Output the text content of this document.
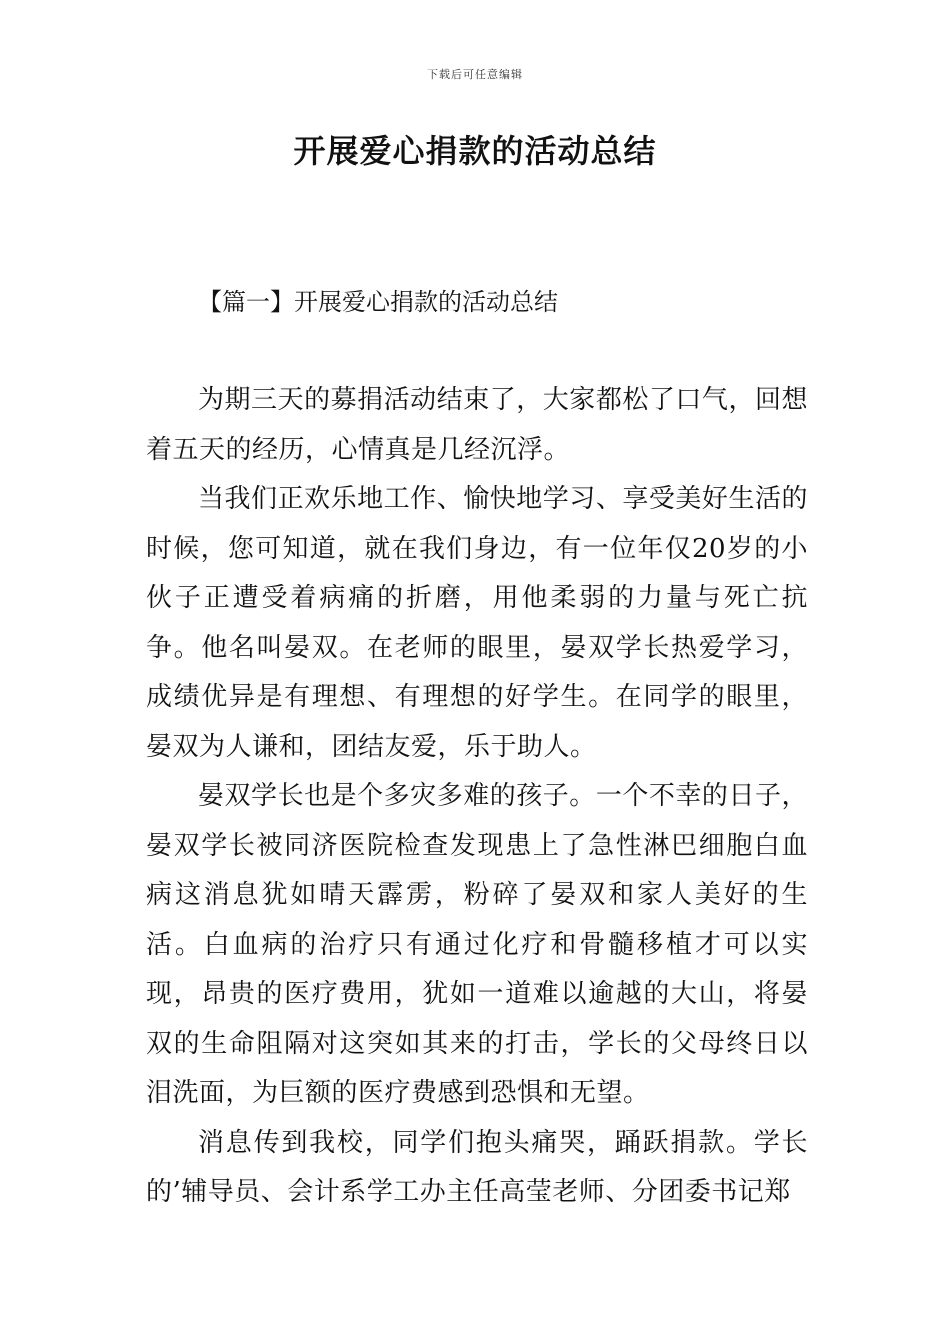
下载后可任意编辑
开展爱心捐款的活动总结
【篇一】开展爱心捐款的活动总结

为期三天的募捐活动结束了，大家都松了口气，回想着五天的经历，心情真是几经沉浮。

当我们正欢乐地工作、愉快地学习、享受美好生活的时候，您可知道，就在我们身边，有一位年仅20岁的小伙子正遭受着病痛的折磨，用他柔弱的力量与死亡抗争。他名叫晏双。在老师的眼里，晏双学长热爱学习，成绩优异是有理想、有理想的好学生。在同学的眼里，晏双为人谦和，团结友爱，乐于助人。

晏双学长也是个多灾多难的孩子。一个不幸的日子，晏双学长被同济医院检查发现患上了急性淋巴细胞白血病这消息犹如晴天霹雳，粉碎了晏双和家人美好的生活。白血病的治疗只有通过化疗和骨髓移植才可以实现，昂贵的医疗费用，犹如一道难以逾越的大山，将晏双的生命阻隔对这突如其来的打击，学长的父母终日以泪洗面，为巨额的医疗费感到恐惧和无望。

消息传到我校，同学们抱头痛哭，踊跃捐款。学长的’辅导员、会计系学工办主任高莹老师、分团委书记郑
